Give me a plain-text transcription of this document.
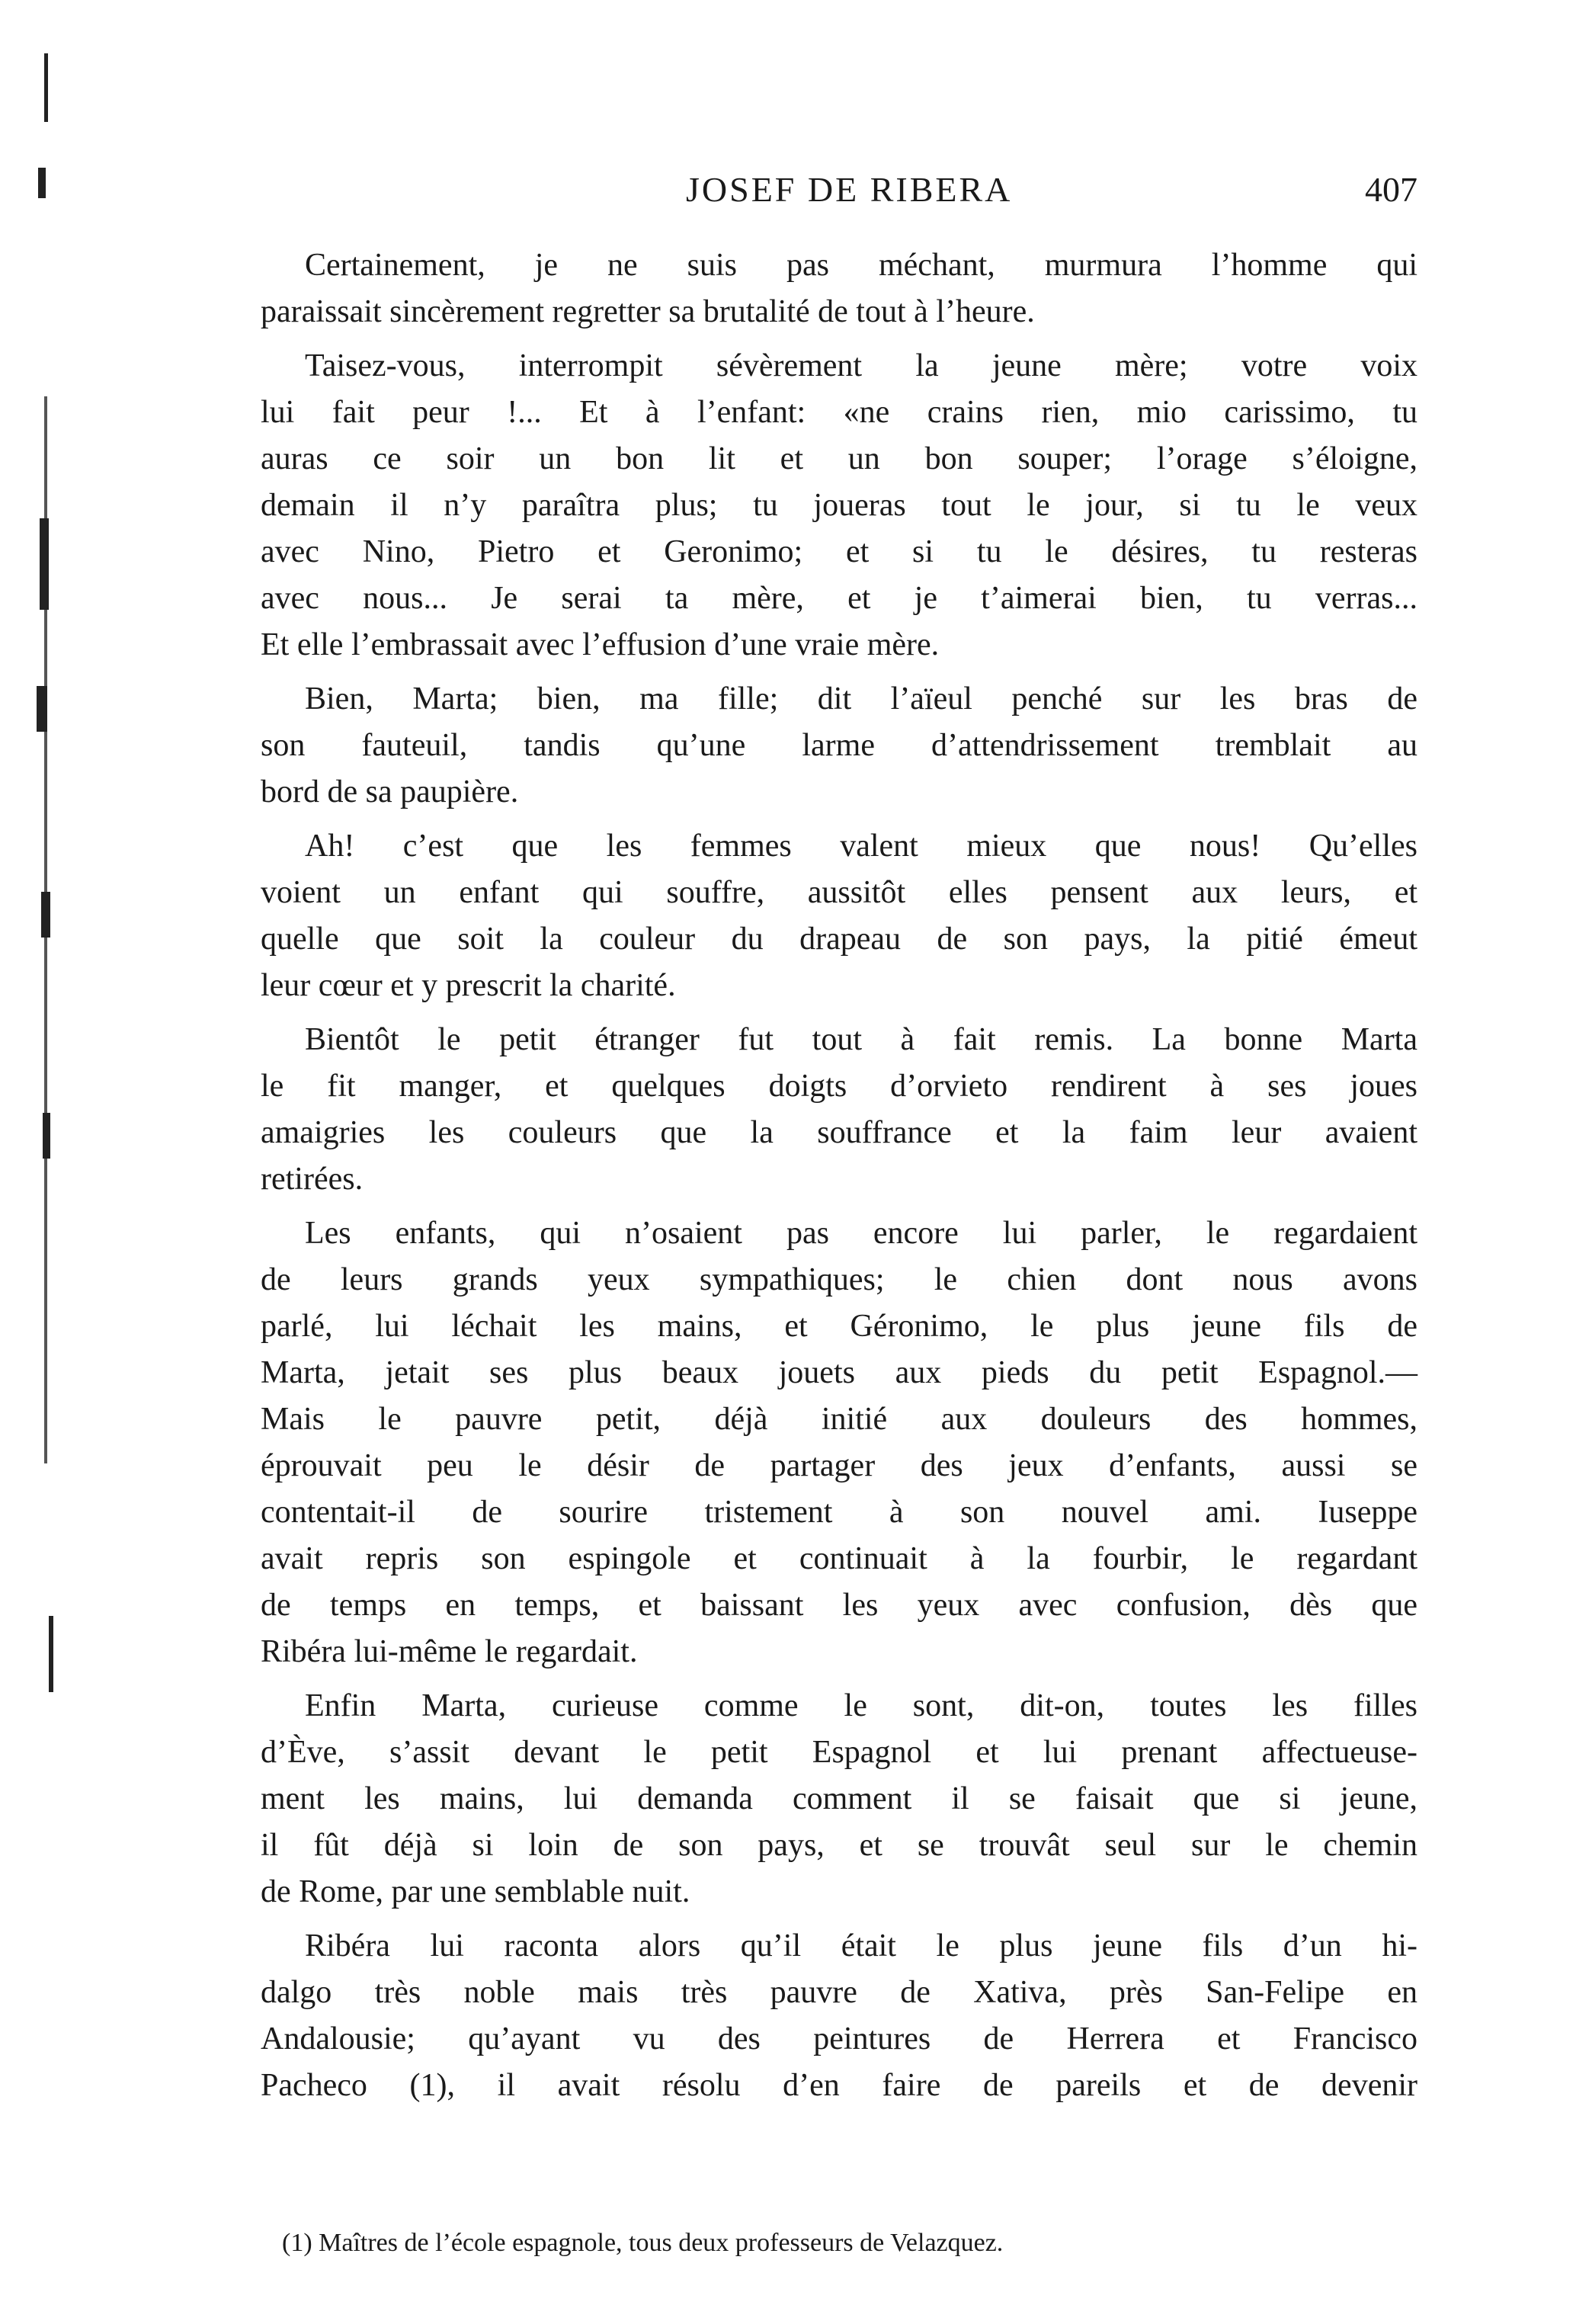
JOSEF DE RIBERA	407
Certainement, je ne suis pas méchant, murmura l’homme qui
paraissait sincèrement regretter sa brutalité de tout à l’heure.
Taisez-vous, interrompit sévèrement la jeune mère; votre voix
lui fait peur !... Et à l’enfant: «ne crains rien, mio carissimo, tu
auras ce soir un bon lit et un bon souper; l’orage s’éloigne,
demain il n’y paraîtra plus; tu joueras tout le jour, si tu le veux
avec Nino, Pietro et Geronimo; et si tu le désires, tu resteras
avec nous... Je serai ta mère, et je t’aimerai bien, tu verras...
Et elle l’embrassait avec l’effusion d’une vraie mère.
Bien, Marta; bien, ma fille; dit l’aïeul penché sur les bras de
son fauteuil, tandis qu’une larme d’attendrissement tremblait au
bord de sa paupière.
Ah! c’est que les femmes valent mieux que nous! Qu’elles
voient un enfant qui souffre, aussitôt elles pensent aux leurs, et
quelle que soit la couleur du drapeau de son pays, la pitié émeut
leur cœur et y prescrit la charité.
Bientôt le petit étranger fut tout à fait remis. La bonne Marta
le fit manger, et quelques doigts d’orvieto rendirent à ses joues
amaigries les couleurs que la souffrance et la faim leur avaient
retirées.
Les enfants, qui n’osaient pas encore lui parler, le regardaient
de leurs grands yeux sympathiques; le chien dont nous avons
parlé, lui léchait les mains, et Géronimo, le plus jeune fils de
Marta, jetait ses plus beaux jouets aux pieds du petit Espagnol.—
Mais le pauvre petit, déjà initié aux douleurs des hommes,
éprouvait peu le désir de partager des jeux d’enfants, aussi se
contentait-il de sourire tristement à son nouvel ami. Iuseppe
avait repris son espingole et continuait à la fourbir, le regardant
de temps en temps, et baissant les yeux avec confusion, dès que
Ribéra lui-même le regardait.
Enfin Marta, curieuse comme le sont, dit-on, toutes les filles
d’Ève, s’assit devant le petit Espagnol et lui prenant affectueuse-
ment les mains, lui demanda comment il se faisait que si jeune,
il fût déjà si loin de son pays, et se trouvât seul sur le chemin
de Rome, par une semblable nuit.
Ribéra lui raconta alors qu’il était le plus jeune fils d’un hi-
dalgo très noble mais très pauvre de Xativa, près San-Felipe en
Andalousie; qu’ayant vu des peintures de Herrera et Francisco
Pacheco (1), il avait résolu d’en faire de pareils et de devenir
(1) Maîtres de l’école espagnole, tous deux professeurs de Velazquez.
